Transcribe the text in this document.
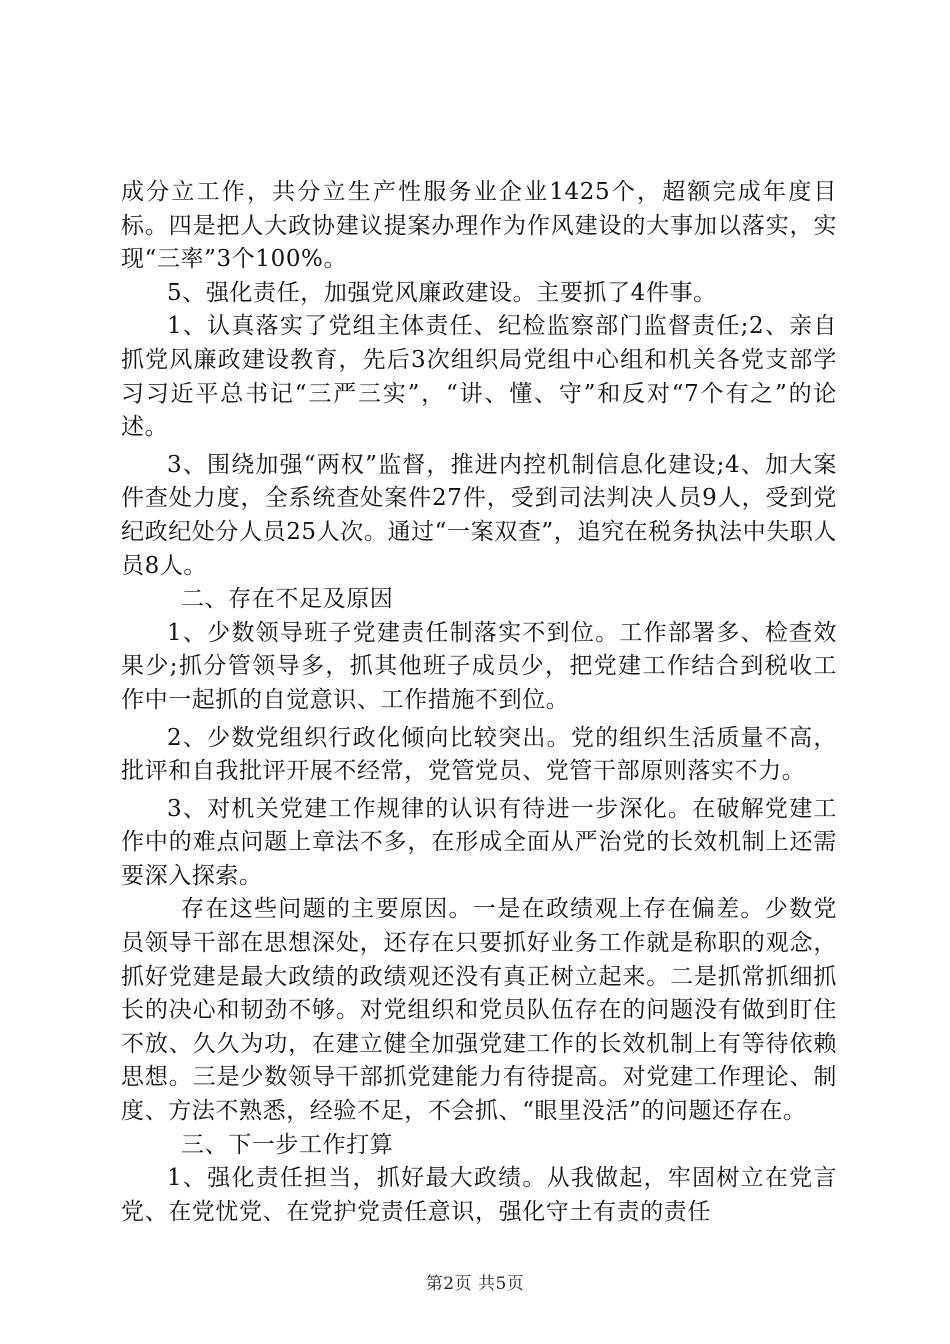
成分立工作，共分立生产性服务业企业1425个，超额完成年度目标。四是把人大政协建议提案办理作为作风建设的大事加以落实，实现“三率”3个100%。

5、强化责任，加强党风廉政建设。主要抓了4件事。

1、认真落实了党组主体责任、纪检监察部门监督责任;2、亲自抓党风廉政建设教育，先后3次组织局党组中心组和机关各党支部学习习近平总书记“三严三实”，“讲、懂、守”和反对“7个有之”的论述。

3、围绕加强“两权”监督，推进内控机制信息化建设;4、加大案件查处力度，全系统查处案件27件，受到司法判决人员9人，受到党纪政纪处分人员25人次。通过“一案双查”，追究在税务执法中失职人员8人。

二、存在不足及原因

1、少数领导班子党建责任制落实不到位。工作部署多、检查效果少;抓分管领导多，抓其他班子成员少，把党建工作结合到税收工作中一起抓的自觉意识、工作措施不到位。

2、少数党组织行政化倾向比较突出。党的组织生活质量不高，批评和自我批评开展不经常，党管党员、党管干部原则落实不力。

3、对机关党建工作规律的认识有待进一步深化。在破解党建工作中的难点问题上章法不多，在形成全面从严治党的长效机制上还需要深入探索。

存在这些问题的主要原因。一是在政绩观上存在偏差。少数党员领导干部在思想深处，还存在只要抓好业务工作就是称职的观念，抓好党建是最大政绩的政绩观还没有真正树立起来。二是抓常抓细抓长的决心和韧劲不够。对党组织和党员队伍存在的问题没有做到盯住不放、久久为功，在建立健全加强党建工作的长效机制上有等待依赖思想。三是少数领导干部抓党建能力有待提高。对党建工作理论、制度、方法不熟悉，经验不足，不会抓、“眼里没活”的问题还存在。

三、下一步工作打算

1、强化责任担当，抓好最大政绩。从我做起，牢固树立在党言党、在党忧党、在党护党责任意识，强化守土有责的责任

第2页 共5页
